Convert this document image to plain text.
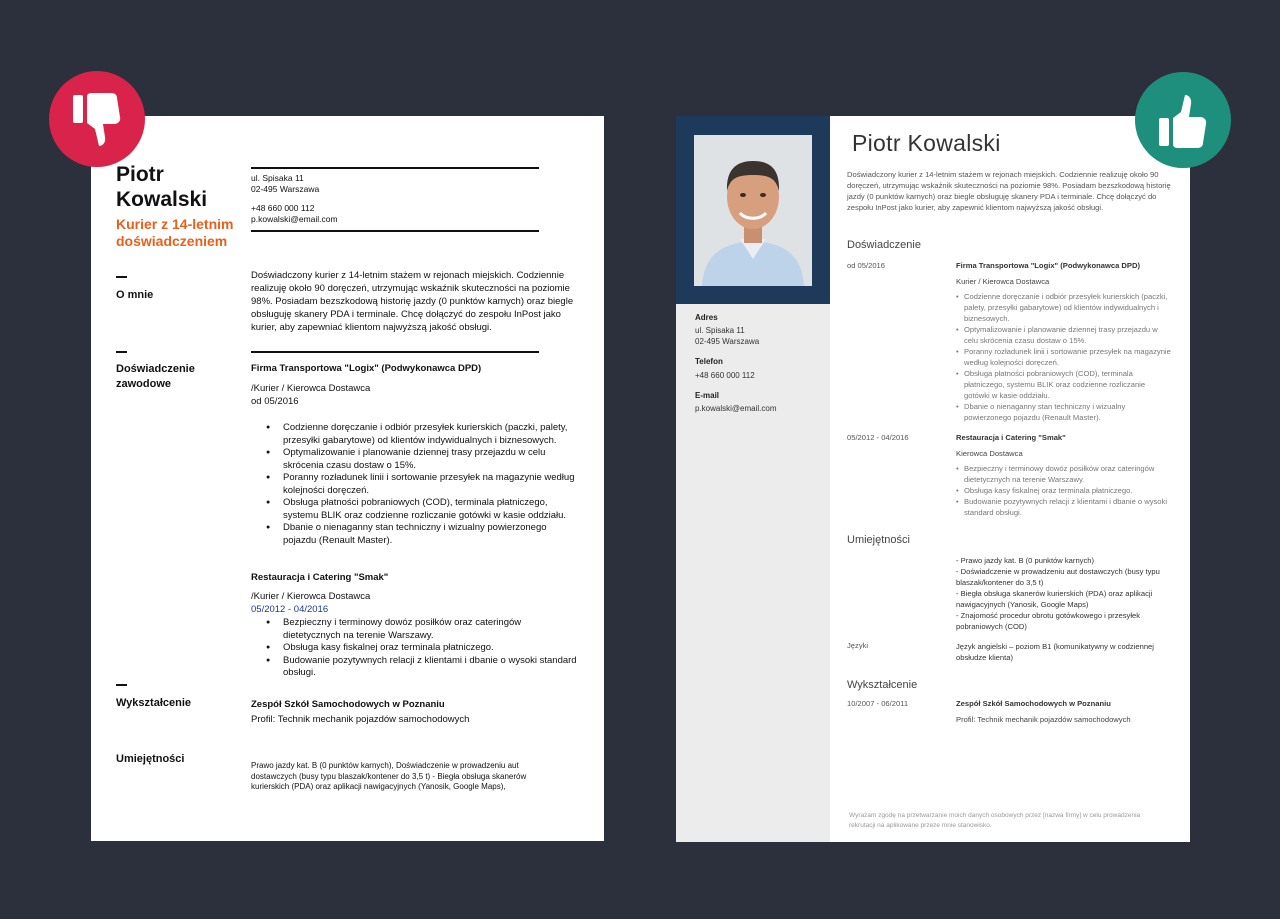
Piotr
Kowalski
Kurier z 14-letnim
doświadczeniem
ul. Spisaka 11
02-495 Warszawa
+48 660 000 112
p.kowalski@email.com
O mnie
Doświadczony kurier z 14-letnim stażem w rejonach miejskich. Codziennie realizuję około 90 doręczeń, utrzymując wskaźnik skuteczności na poziomie 98%. Posiadam bezszkodową historię jazdy (0 punktów karnych) oraz biegle obsługuję skanery PDA i terminale. Chcę dołączyć do zespołu InPost jako kurier, aby zapewniać klientom najwyższą jakość obsługi.
Doświadczenie
zawodowe
Firma Transportowa "Logix" (Podwykonawca DPD)
/Kurier / Kierowca Dostawca
od 05/2016
● Codzienne doręczanie i odbiór przesyłek kurierskich (paczki, palety, przesyłki gabarytowe) od klientów indywidualnych i biznesowych.
● Optymalizowanie i planowanie dziennej trasy przejazdu w celu skrócenia czasu dostaw o 15%.
● Poranny rozładunek linii i sortowanie przesyłek na magazynie według kolejności doręczeń.
● Obsługa płatności pobraniowych (COD), terminala płatniczego, systemu BLIK oraz codzienne rozliczanie gotówki w kasie oddziału.
● Dbanie o nienaganny stan techniczny i wizualny powierzonego pojazdu (Renault Master).
Restauracja i Catering "Smak"
/Kurier / Kierowca Dostawca
05/2012 - 04/2016
● Bezpieczny i terminowy dowóz posiłków oraz cateringów dietetycznych na terenie Warszawy.
● Obsługa kasy fiskalnej oraz terminala płatniczego.
● Budowanie pozytywnych relacji z klientami i dbanie o wysoki standard obsługi.
Wykształcenie	Zespół Szkół Samochodowych w Poznaniu
Profil: Technik mechanik pojazdów samochodowych
Umiejętności
Prawo jazdy kat. B (0 punktów karnych), Doświadczenie w prowadzeniu aut dostawczych (busy typu blaszak/kontener do 3,5 t) - Biegła obsługa skanerów kurierskich (PDA) oraz aplikacji nawigacyjnych (Yanosik, Google Maps),
Adres
ul. Spisaka 11
02-495 Warszawa
Telefon
+48 660 000 112
E-mail
p.kowalski@email.com
Piotr Kowalski
Doświadczony kurier z 14-letnim stażem w rejonach miejskich. Codziennie realizuję około 90 doręczeń, utrzymując wskaźnik skuteczności na poziomie 98%. Posiadam bezszkodową historię jazdy (0 punktów karnych) oraz biegle obsługuję skanery PDA i terminale. Chcę dołączyć do zespołu InPost jako kurier, aby zapewnić klientom najwyższą jakość obsługi.
Doświadczenie
od 05/2016	Firma Transportowa "Logix" (Podwykonawca DPD)
Kurier / Kierowca Dostawca
• Codzienne doręczanie i odbiór przesyłek kurierskich (paczki, palety, przesyłki gabarytowe) od klientów indywidualnych i biznesowych.
• Optymalizowanie i planowanie dziennej trasy przejazdu w celu skrócenia czasu dostaw o 15%.
• Poranny rozładunek linii i sortowanie przesyłek na magazynie według kolejności doręczeń.
• Obsługa płatności pobraniowych (COD), terminala płatniczego, systemu BLIK oraz codzienne rozliczanie gotówki w kasie oddziału.
• Dbanie o nienaganny stan techniczny i wizualny powierzonego pojazdu (Renault Master).
05/2012 - 04/2016	Restauracja i Catering "Smak"
Kierowca Dostawca
• Bezpieczny i terminowy dowóz posiłków oraz cateringów dietetycznych na terenie Warszawy.
• Obsługa kasy fiskalnej oraz terminala płatniczego.
• Budowanie pozytywnych relacji z klientami i dbanie o wysoki standard obsługi.
Umiejętności
- Prawo jazdy kat. B (0 punktów karnych)
- Doświadczenie w prowadzeniu aut dostawczych (busy typu blaszak/kontener do 3,5 t)
- Biegła obsługa skanerów kurierskich (PDA) oraz aplikacji nawigacyjnych (Yanosik, Google Maps)
- Znajomość procedur obrotu gotówkowego i przesyłek pobraniowych (COD)
Języki	Język angielski – poziom B1 (komunikatywny w codziennej obsłudze klienta)
Wykształcenie
10/2007 - 06/2011	Zespół Szkół Samochodowych w Poznaniu
Profil: Technik mechanik pojazdów samochodowych
Wyrażam zgodę na przetwarzanie moich danych osobowych przez [nazwa firmy] w celu prowadzenia rekrutacji na aplikowane przeze mnie stanowisko.
